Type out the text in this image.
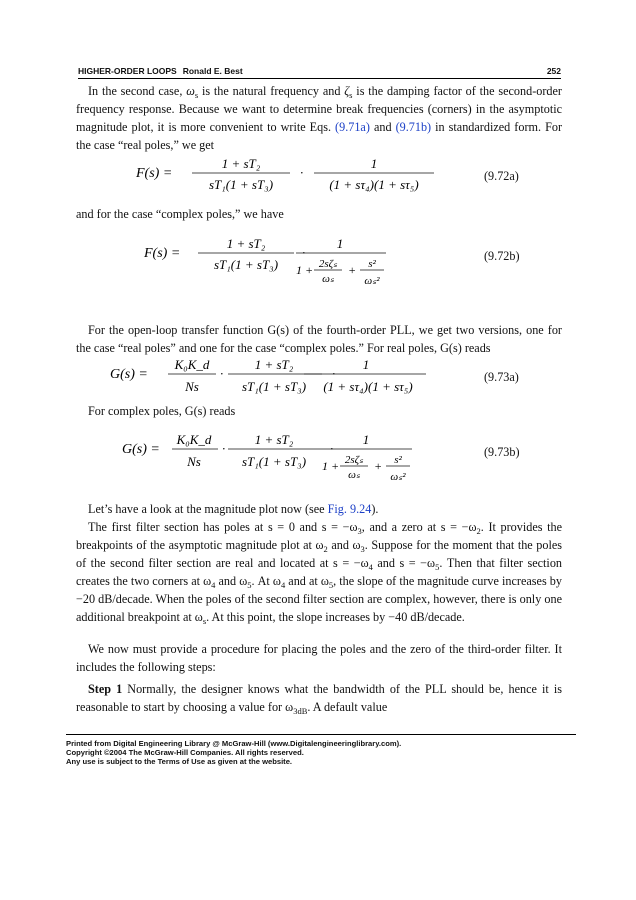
HIGHER-ORDER LOOPS Ronald E. Best	252
In the second case, $\omega_s$ is the natural frequency and $\zeta_s$ is the damping factor of the second-order frequency response. Because we want to determine break frequencies (corners) in the asymptotic magnitude plot, it is more convenient to write Eqs. (9.71a) and (9.71b) in standardized form. For the case “real poles,” we get
F(s) =
1 + sT₂
sT₁(1 + sT₃)
·
1
(1 + sτ₄)(1 + sτ₅)
(9.72a)
and for the case “complex poles,” we have
F(s) =
1 + sT₂
sT₁(1 + sT₃)
·
1
1 + 2sζₛ
ωₛ
+ s²
ωₛ²
(9.72b)
For the open-loop transfer function G(s) of the fourth-order PLL, we get two versions, one for the case “real poles” and one for the case “complex poles.” For real poles, G(s) reads
G(s) =
K₀K_d
Ns
·
1 + sT₂
sT₁(1 + sT₃)
·
1
(1 + sτ₄)(1 + sτ₅)
(9.73a)
For complex poles, G(s) reads
G(s) =
K₀K_d
Ns
·
1 + sT₂
sT₁(1 + sT₃)
·
1
1 + 2sζₛ
ωₛ
+ s²
ωₛ²
(9.73b)
Let’s have a look at the magnitude plot now (see Fig. 9.24).
The first filter section has poles at s = 0 and $s = -\omega_3$, and a zero at $s = -\omega_2$. It provides the breakpoints of the asymptotic magnitude plot at $\omega_2$ and $\omega_3$. Suppose for the moment that the poles of the second filter section are real and located at $s = -\omega_4$ and $s = -\omega_5$. Then that filter section creates the two corners at $\omega_4$ and $\omega_5$. At $\omega_4$ and at $\omega_5$, the slope of the magnitude curve increases by −20 dB/decade. When the poles of the second filter section are complex, however, there is only one additional breakpoint at $\omega_s$. At this point, the slope increases by −40 dB/decade.
We now must provide a procedure for placing the poles and the zero of the third-order filter. It includes the following steps:
Step 1 Normally, the designer knows what the bandwidth of the PLL should be, hence it is reasonable to start by choosing a value for $\omega_{3dB}$. A default value
Printed from Digital Engineering Library @ McGraw-Hill (www.Digitalengineeringlibrary.com).
Copyright ©2004 The McGraw-Hill Companies. All rights reserved.
Any use is subject to the Terms of Use as given at the website.
